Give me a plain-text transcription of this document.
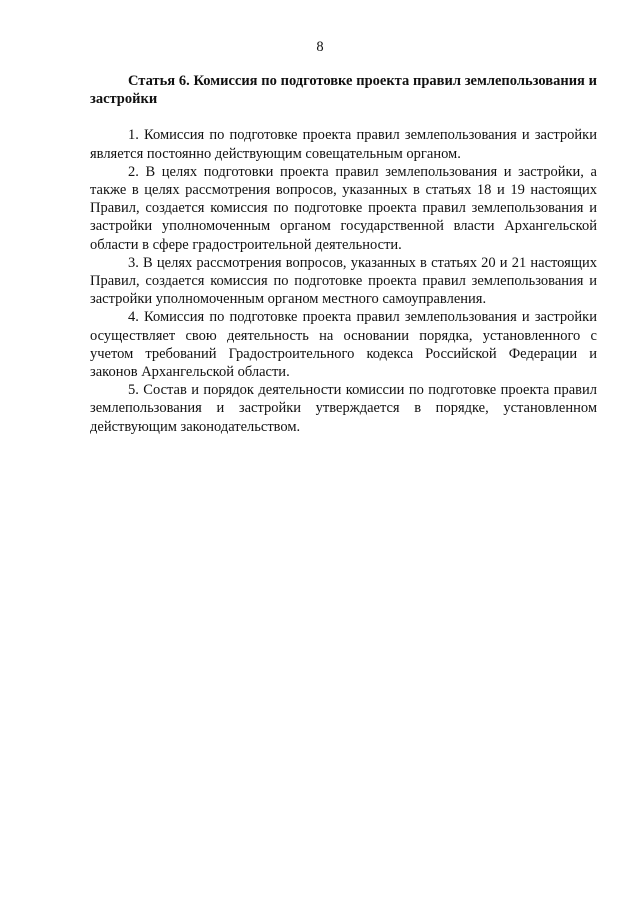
8

Статья 6. Комиссия по подготовке проекта правил землепользования и застройки

1. Комиссия по подготовке проекта правил землепользования и застройки является постоянно действующим совещательным органом.

2. В целях подготовки проекта правил землепользования и застройки, а также в целях рассмотрения вопросов, указанных в статьях 18 и 19 настоящих Правил, создается комиссия по подготовке проекта правил землепользования и застройки уполномоченным органом государственной власти Архангельской области в сфере градостроительной деятельности.

3. В целях рассмотрения вопросов, указанных в статьях 20 и 21 настоящих Правил, создается комиссия по подготовке проекта правил землепользования и застройки уполномоченным органом местного самоуправления.

4. Комиссия по подготовке проекта правил землепользования и застройки осуществляет свою деятельность на основании порядка, установленного с учетом требований Градостроительного кодекса Российской Федерации и законов Архангельской области.

5. Состав и порядок деятельности комиссии по подготовке проекта правил землепользования и застройки утверждается в порядке, установленном действующим законодательством.
